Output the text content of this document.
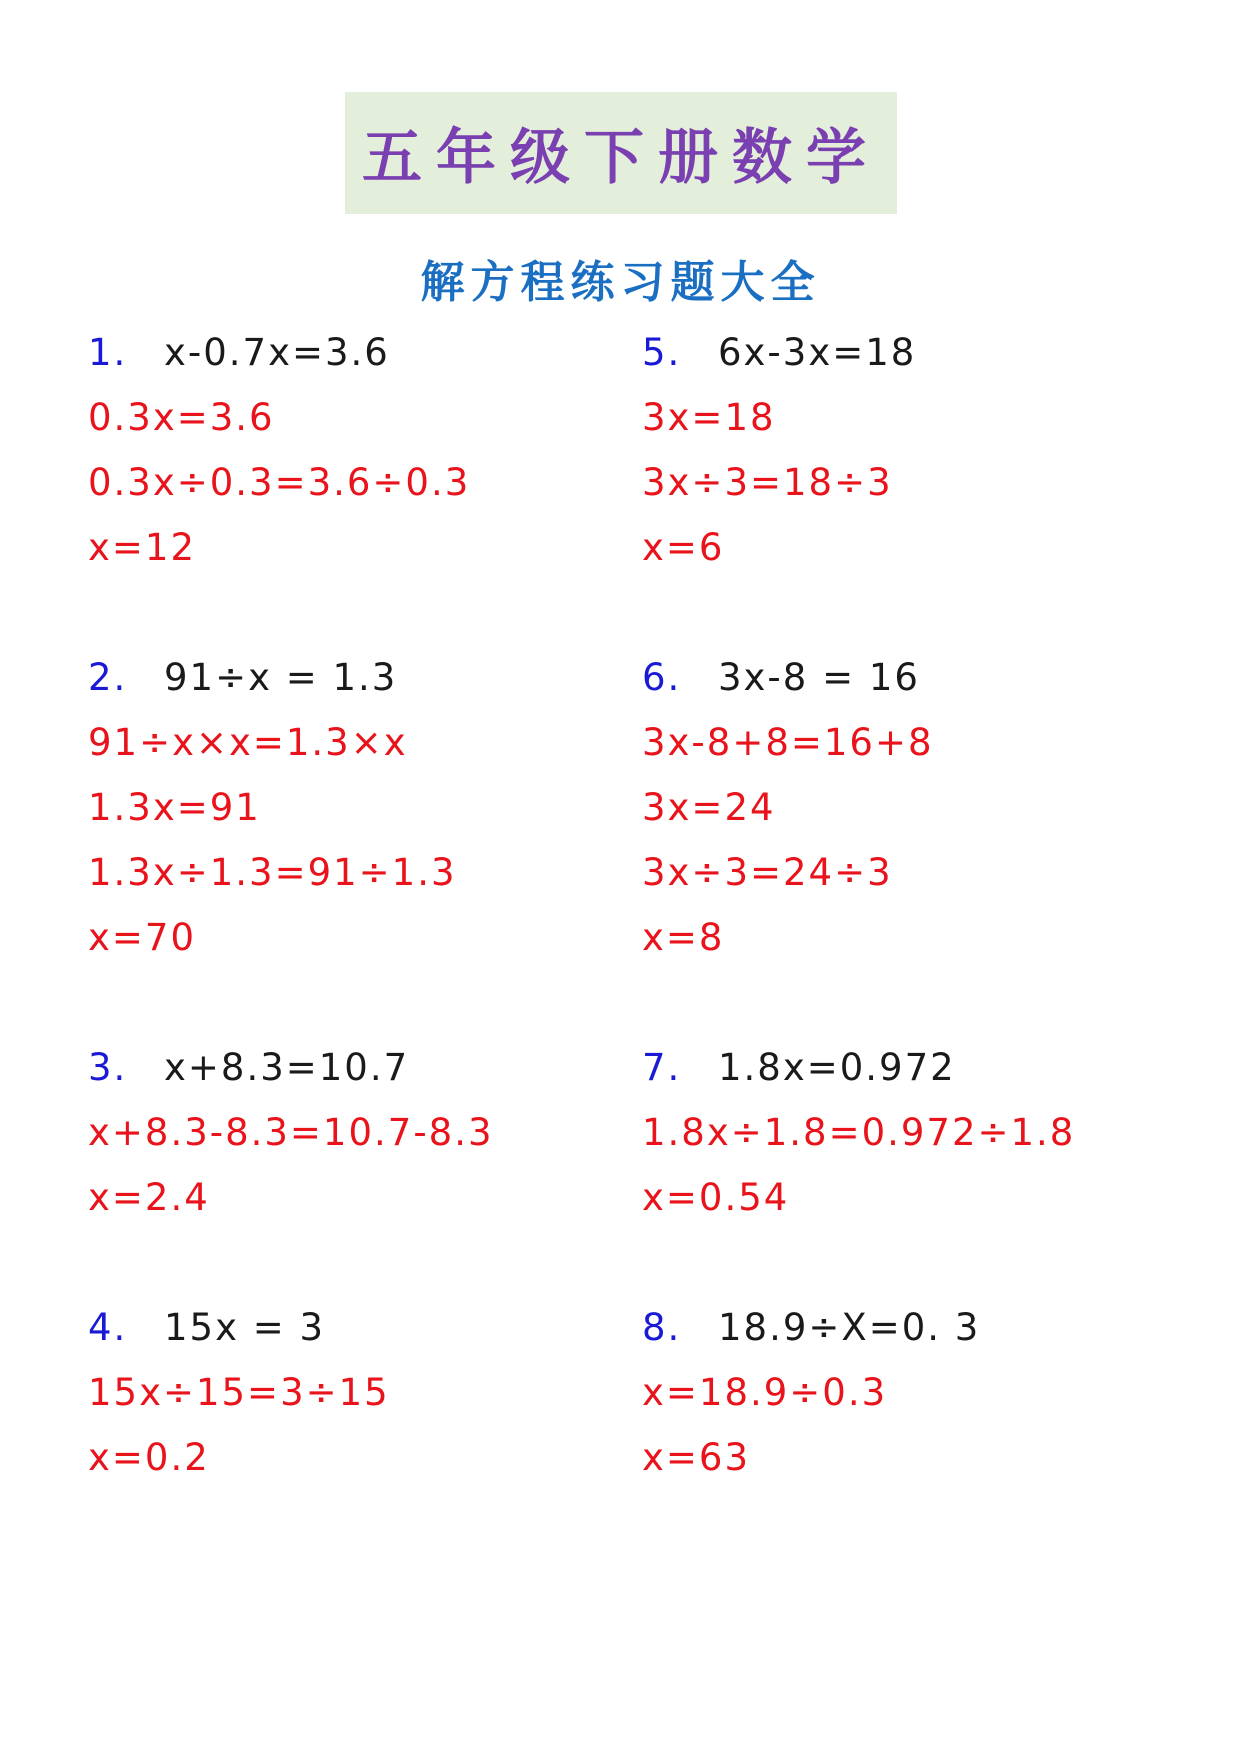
五年级下册数学
解方程练习题大全
1. x-0.7x=3.6
0.3x=3.6
0.3x÷0.3=3.6÷0.3
x=12
2. 91÷x = 1.3
91÷x×x=1.3×x
1.3x=91
1.3x÷1.3=91÷1.3
x=70
3. x+8.3=10.7
x+8.3-8.3=10.7-8.3
x=2.4
4. 15x = 3
15x÷15=3÷15
x=0.2
5. 6x-3x=18
3x=18
3x÷3=18÷3
x=6
6. 3x-8 = 16
3x-8+8=16+8
3x=24
3x÷3=24÷3
x=8
7. 1.8x=0.972
1.8x÷1.8=0.972÷1.8
x=0.54
8. 18.9÷X=0. 3
x=18.9÷0.3
x=63
